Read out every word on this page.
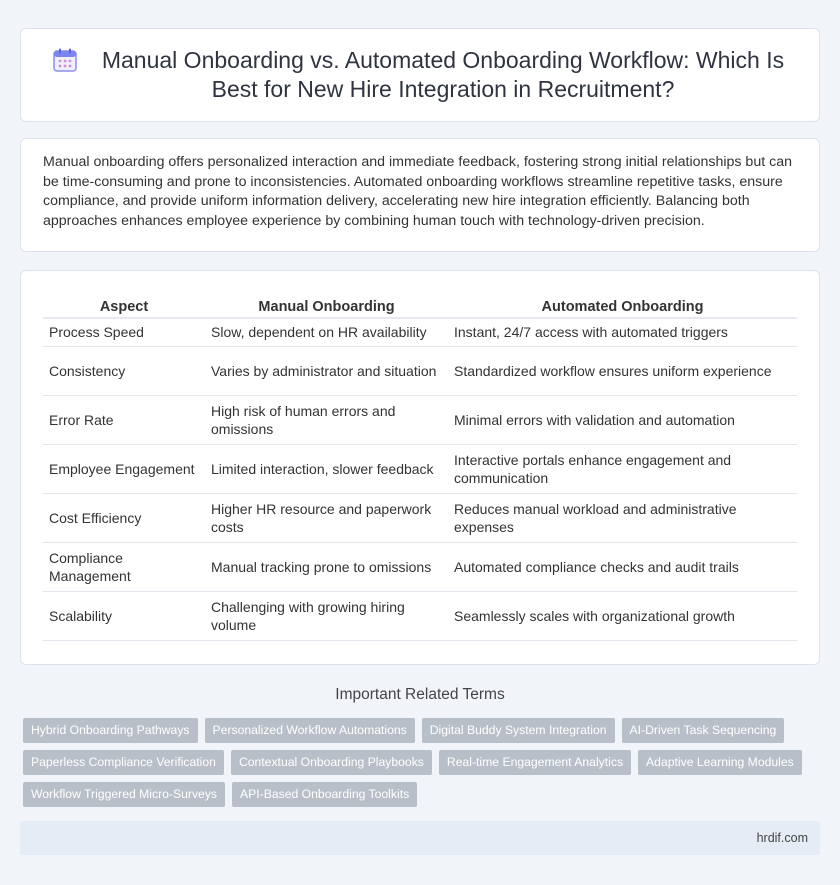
Manual Onboarding vs. Automated Onboarding Workflow: Which Is Best for New Hire Integration in Recruitment?

Manual onboarding offers personalized interaction and immediate feedback, fostering strong initial relationships but can be time-consuming and prone to inconsistencies. Automated onboarding workflows streamline repetitive tasks, ensure compliance, and provide uniform information delivery, accelerating new hire integration efficiently. Balancing both approaches enhances employee experience by combining human touch with technology-driven precision.

Aspect	Manual Onboarding	Automated Onboarding
Process Speed	Slow, dependent on HR availability	Instant, 24/7 access with automated triggers
Consistency	Varies by administrator and situation	Standardized workflow ensures uniform experience
Error Rate	High risk of human errors and omissions	Minimal errors with validation and automation
Employee Engagement	Limited interaction, slower feedback	Interactive portals enhance engagement and communication
Cost Efficiency	Higher HR resource and paperwork costs	Reduces manual workload and administrative expenses
Compliance Management	Manual tracking prone to omissions	Automated compliance checks and audit trails
Scalability	Challenging with growing hiring volume	Seamlessly scales with organizational growth
Important Related Terms
Hybrid Onboarding Pathways	Personalized Workflow Automations	Digital Buddy System Integration	AI-Driven Task Sequencing
Paperless Compliance Verification	Contextual Onboarding Playbooks	Real-time Engagement Analytics	Adaptive Learning Modules
Workflow Triggered Micro-Surveys	API-Based Onboarding Toolkits
hrdif.com
